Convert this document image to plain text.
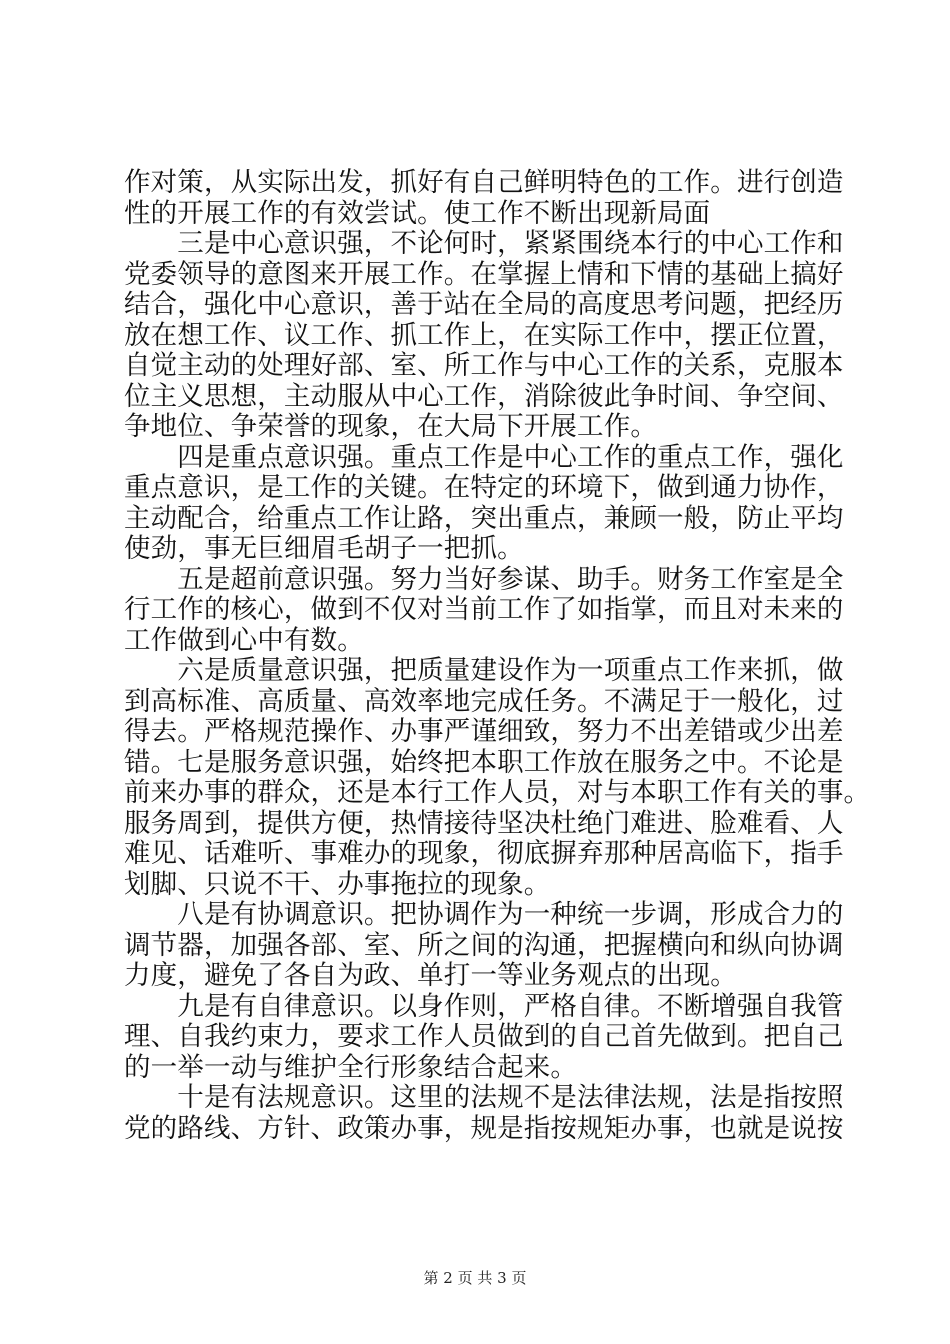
作对策，从实际出发，抓好有自己鲜明特色的工作。进行创造
性的开展工作的有效尝试。使工作不断出现新局面
　　三是中心意识强，不论何时，紧紧围绕本行的中心工作和
党委领导的意图来开展工作。在掌握上情和下情的基础上搞好
结合，强化中心意识，善于站在全局的高度思考问题，把经历
放在想工作、议工作、抓工作上，在实际工作中，摆正位置，
自觉主动的处理好部、室、所工作与中心工作的关系，克服本
位主义思想，主动服从中心工作，消除彼此争时间、争空间、
争地位、争荣誉的现象，在大局下开展工作。
　　四是重点意识强。重点工作是中心工作的重点工作，强化
重点意识，是工作的关键。在特定的环境下，做到通力协作，
主动配合，给重点工作让路，突出重点，兼顾一般，防止平均
使劲，事无巨细眉毛胡子一把抓。
　　五是超前意识强。努力当好参谋、助手。财务工作室是全
行工作的核心，做到不仅对当前工作了如指掌，而且对未来的
工作做到心中有数。
　　六是质量意识强，把质量建设作为一项重点工作来抓，做
到高标准、高质量、高效率地完成任务。不满足于一般化，过
得去。严格规范操作、办事严谨细致，努力不出差错或少出差
错。七是服务意识强，始终把本职工作放在服务之中。不论是
前来办事的群众，还是本行工作人员，对与本职工作有关的事。
服务周到，提供方便，热情接待坚决杜绝门难进、脸难看、人
难见、话难听、事难办的现象，彻底摒弃那种居高临下，指手
划脚、只说不干、办事拖拉的现象。
　　八是有协调意识。把协调作为一种统一步调，形成合力的
调节器，加强各部、室、所之间的沟通，把握横向和纵向协调
力度，避免了各自为政、单打一等业务观点的出现。
　　九是有自律意识。以身作则，严格自律。不断增强自我管
理、自我约束力，要求工作人员做到的自己首先做到。把自己
的一举一动与维护全行形象结合起来。
　　十是有法规意识。这里的法规不是法律法规，法是指按照
党的路线、方针、政策办事，规是指按规矩办事，也就是说按
第 2 页 共 3 页
